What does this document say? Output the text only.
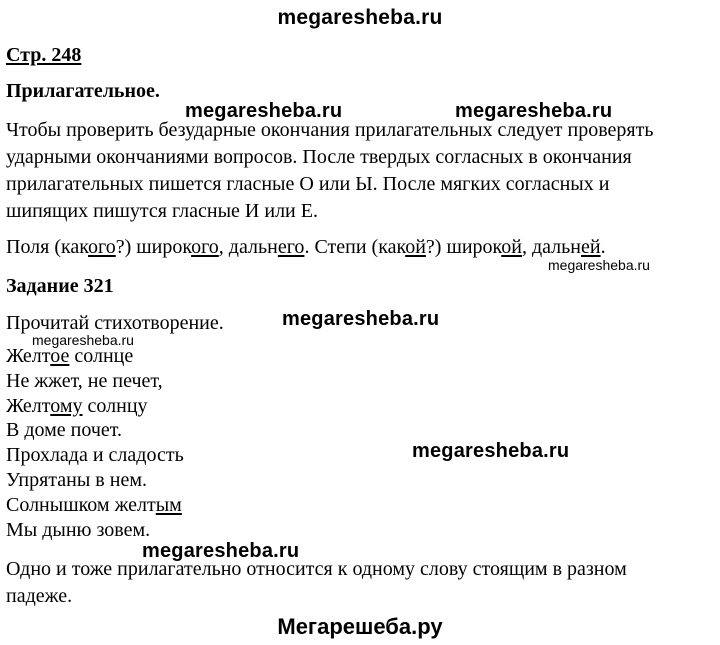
megaresheba.ru
Стр. 248
Прилагательное.
Чтобы проверить безударные окончания прилагательных следует проверять
ударными окончаниями вопросов. После твердых согласных в окончания
прилагательных пишется гласные О или Ы. После мягких согласных и
шипящих пишутся гласные И или Е.
Поля (какого?) широкого, дальнего. Степи (какой?) широкой, дальней.
Задание 321
Прочитай стихотворение.
Желтое солнце
Не жжет, не печет,
Желтому солнцу
В доме почет.
Прохлада и сладость
Упрятаны в нем.
Солнышком желтым
Мы дыню зовем.
Одно и тоже прилагательно относится к одному слову стоящим в разном
падеже.
megaresheba.ru	megaresheba.ru
megaresheba.ru
megaresheba.ru
megaresheba.ru
megaresheba.ru
megaresheba.ru
Мегарешеба.ру
